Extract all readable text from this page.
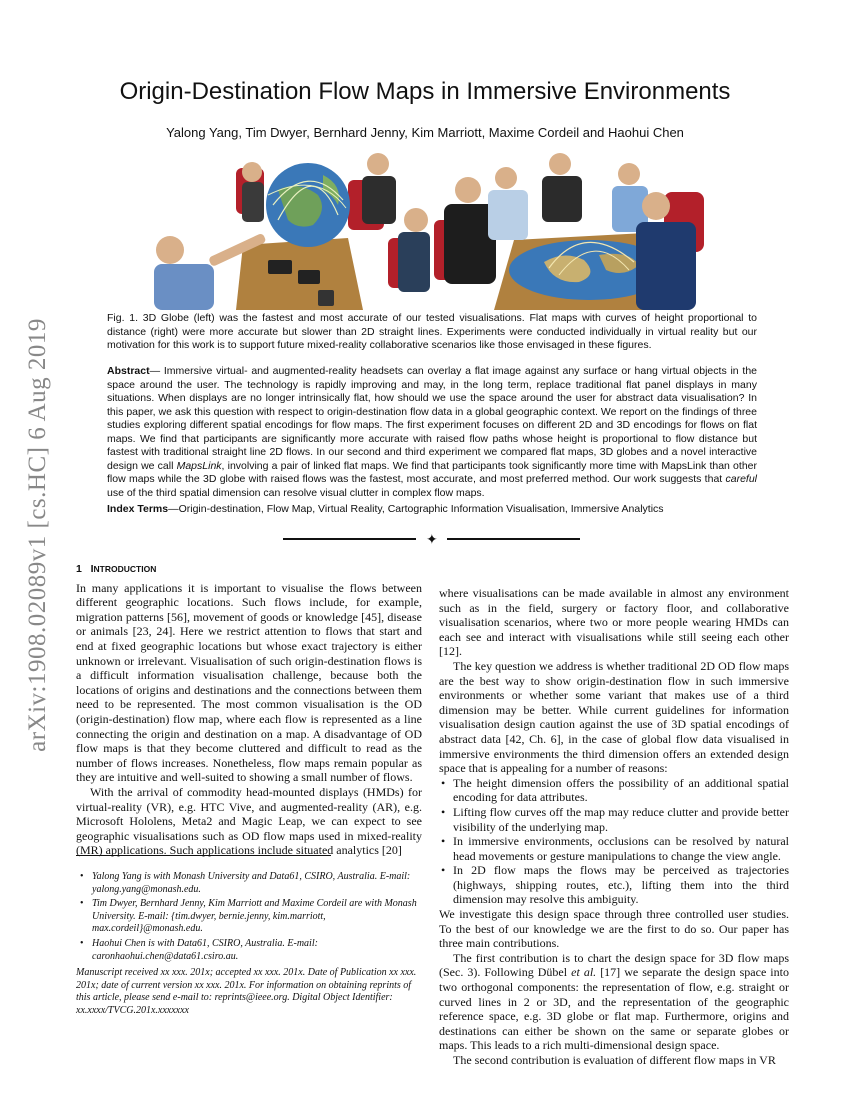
arXiv:1908.02089v1 [cs.HC] 6 Aug 2019
Origin-Destination Flow Maps in Immersive Environments
Yalong Yang, Tim Dwyer, Bernhard Jenny, Kim Marriott, Maxime Cordeil and Haohui Chen
Fig. 1. 3D Globe (left) was the fastest and most accurate of our tested visualisations. Flat maps with curves of height proportional to distance (right) were more accurate but slower than 2D straight lines. Experiments were conducted individually in virtual reality but our motivation for this work is to support future mixed-reality collaborative scenarios like those envisaged in these figures.
Abstract— Immersive virtual- and augmented-reality headsets can overlay a flat image against any surface or hang virtual objects in the space around the user. The technology is rapidly improving and may, in the long term, replace traditional flat panel displays in many situations. When displays are no longer intrinsically flat, how should we use the space around the user for abstract data visualisation? In this paper, we ask this question with respect to origin-destination flow data in a global geographic context. We report on the findings of three studies exploring different spatial encodings for flow maps. The first experiment focuses on different 2D and 3D encodings for flows on flat maps. We find that participants are significantly more accurate with raised flow paths whose height is proportional to flow distance but fastest with traditional straight line 2D flows. In our second and third experiment we compared flat maps, 3D globes and a novel interactive design we call MapsLink, involving a pair of linked flat maps. We find that participants took significantly more time with MapsLink than other flow maps while the 3D globe with raised flows was the fastest, most accurate, and most preferred method. Our work suggests that careful use of the third spatial dimension can resolve visual clutter in complex flow maps.
Index Terms—Origin-destination, Flow Map, Virtual Reality, Cartographic Information Visualisation, Immersive Analytics
✦
1 INTRODUCTION

In many applications it is important to visualise the flows between different geographic locations. Such flows include, for example, migration patterns [56], movement of goods or knowledge [45], disease or animals [23, 24]. Here we restrict attention to flows that start and end at fixed geographic locations but whose exact trajectory is either unknown or irrelevant. Visualisation of such origin-destination flows is a difficult information visualisation challenge, because both the locations of origins and destinations and the connections between them need to be represented. The most common visualisation is the OD (origin-destination) flow map, where each flow is represented as a line connecting the origin and destination on a map. A disadvantage of OD flow maps is that they become cluttered and difficult to read as the number of flows increases. Nonetheless, flow maps remain popular as they are intuitive and well-suited to showing a small number of flows.

With the arrival of commodity head-mounted displays (HMDs) for virtual-reality (VR), e.g. HTC Vive, and augmented-reality (AR), e.g. Microsoft Hololens, Meta2 and Magic Leap, we can expect to see geographic visualisations such as OD flow maps used in mixed-reality (MR) applications. Such applications include situated analytics [20]

• Yalong Yang is with Monash University and Data61, CSIRO, Australia. E-mail: yalong.yang@monash.edu.
• Tim Dwyer, Bernhard Jenny, Kim Marriott and Maxime Cordeil are with Monash University. E-mail: {tim.dwyer, bernie.jenny, kim.marriott, max.cordeil}@monash.edu.
• Haohui Chen is with Data61, CSIRO, Australia. E-mail: caronhaohui.chen@data61.csiro.au.
Manuscript received xx xxx. 201x; accepted xx xxx. 201x. Date of Publication xx xxx. 201x; date of current version xx xxx. 201x. For information on obtaining reprints of this article, please send e-mail to: reprints@ieee.org. Digital Object Identifier: xx.xxxx/TVCG.201x.xxxxxxx

where visualisations can be made available in almost any environment such as in the field, surgery or factory floor, and collaborative visualisation scenarios, where two or more people wearing HMDs can each see and interact with visualisations while still seeing each other [12].

The key question we address is whether traditional 2D OD flow maps are the best way to show origin-destination flow in such immersive environments or whether some variant that makes use of a third dimension may be better. While current guidelines for information visualisation design caution against the use of 3D spatial encodings of abstract data [42, Ch. 6], in the case of global flow data visualised in immersive environments the third dimension offers an extended design space that is appealing for a number of reasons:

• The height dimension offers the possibility of an additional spatial encoding for data attributes.
• Lifting flow curves off the map may reduce clutter and provide better visibility of the underlying map.
• In immersive environments, occlusions can be resolved by natural head movements or gesture manipulations to change the view angle.
• In 2D flow maps the flows may be perceived as trajectories (highways, shipping routes, etc.), lifting them into the third dimension may resolve this ambiguity.

We investigate this design space through three controlled user studies. To the best of our knowledge we are the first to do so. Our paper has three main contributions.

The first contribution is to chart the design space for 3D flow maps (Sec. 3). Following Dübel et al. [17] we separate the design space into two orthogonal components: the representation of flow, e.g. straight or curved lines in 2 or 3D, and the representation of the geographic reference space, e.g. 3D globe or flat map. Furthermore, origins and destinations can either be shown on the same or separate globes or maps. This leads to a rich multi-dimensional design space.

The second contribution is evaluation of different flow maps in VR
